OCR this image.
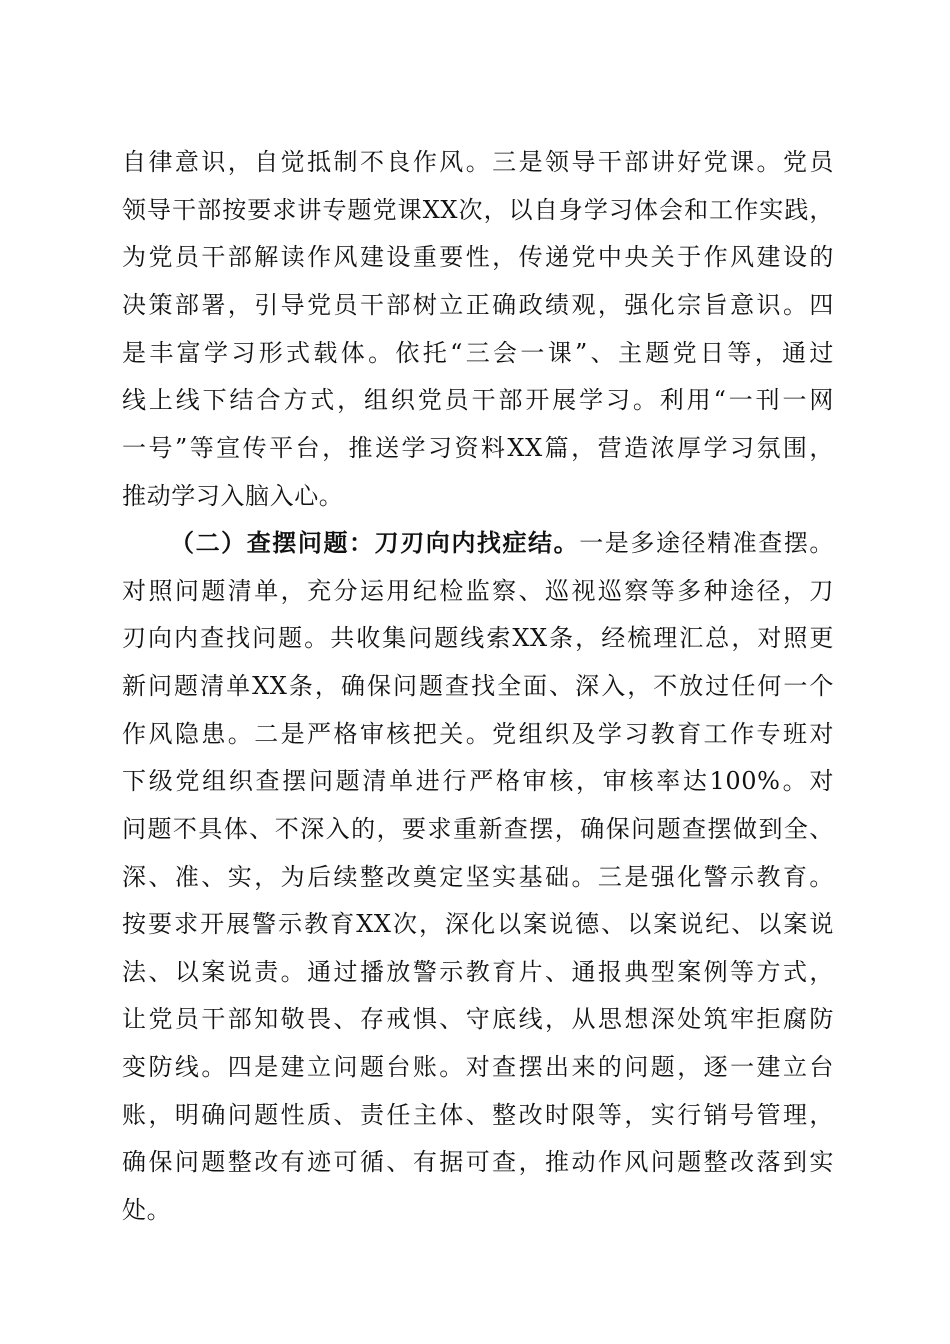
自律意识，自觉抵制不良作风。三是领导干部讲好党课。党员
领导干部按要求讲专题党课XX次，以自身学习体会和工作实践，
为党员干部解读作风建设重要性，传递党中央关于作风建设的
决策部署，引导党员干部树立正确政绩观，强化宗旨意识。四
是丰富学习形式载体。依托“三会一课”、主题党日等，通过
线上线下结合方式，组织党员干部开展学习。利用“一刊一网
一号”等宣传平台，推送学习资料XX篇，营造浓厚学习氛围，
推动学习入脑入心。
（二）查摆问题：刀刃向内找症结。一是多途径精准查摆。
对照问题清单，充分运用纪检监察、巡视巡察等多种途径，刀
刃向内查找问题。共收集问题线索XX条，经梳理汇总，对照更
新问题清单XX条，确保问题查找全面、深入，不放过任何一个
作风隐患。二是严格审核把关。党组织及学习教育工作专班对
下级党组织查摆问题清单进行严格审核，审核率达100%。对
问题不具体、不深入的，要求重新查摆，确保问题查摆做到全、
深、准、实，为后续整改奠定坚实基础。三是强化警示教育。
按要求开展警示教育XX次，深化以案说德、以案说纪、以案说
法、以案说责。通过播放警示教育片、通报典型案例等方式，
让党员干部知敬畏、存戒惧、守底线，从思想深处筑牢拒腐防
变防线。四是建立问题台账。对查摆出来的问题，逐一建立台
账，明确问题性质、责任主体、整改时限等，实行销号管理，
确保问题整改有迹可循、有据可查，推动作风问题整改落到实
处。
